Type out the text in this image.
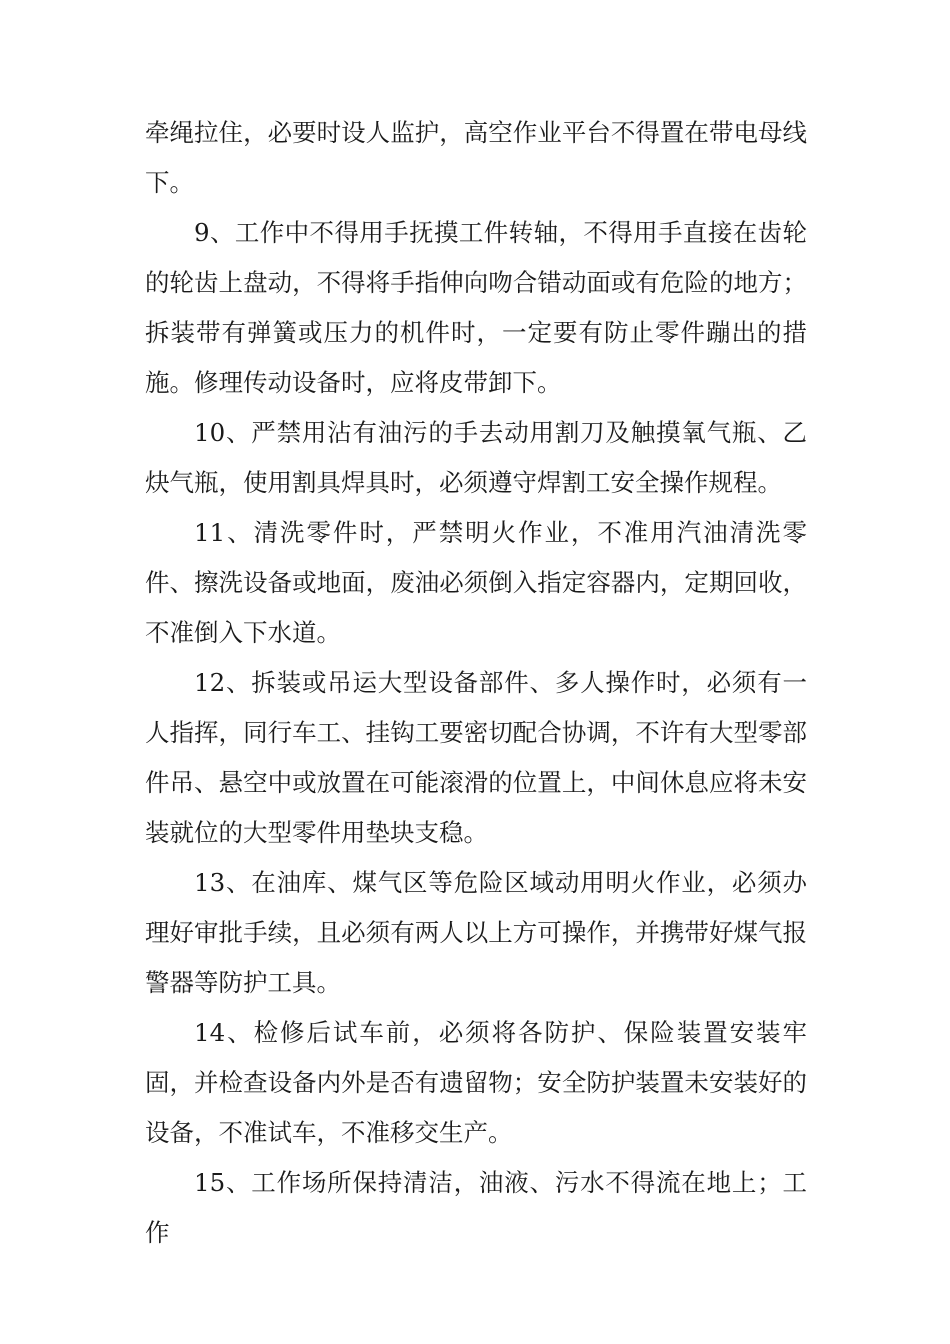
牵绳拉住，必要时设人监护，高空作业平台不得置在带电母线下。

9、工作中不得用手抚摸工件转轴，不得用手直接在齿轮的轮齿上盘动，不得将手指伸向吻合错动面或有危险的地方；拆装带有弹簧或压力的机件时，一定要有防止零件蹦出的措施。修理传动设备时，应将皮带卸下。

10、严禁用沾有油污的手去动用割刀及触摸氧气瓶、乙炔气瓶，使用割具焊具时，必须遵守焊割工安全操作规程。

11、清洗零件时，严禁明火作业，不准用汽油清洗零件、擦洗设备或地面，废油必须倒入指定容器内，定期回收，不准倒入下水道。

12、拆装或吊运大型设备部件、多人操作时，必须有一人指挥，同行车工、挂钩工要密切配合协调，不许有大型零部件吊、悬空中或放置在可能滚滑的位置上，中间休息应将未安装就位的大型零件用垫块支稳。

13、在油库、煤气区等危险区域动用明火作业，必须办理好审批手续，且必须有两人以上方可操作，并携带好煤气报警器等防护工具。

14、检修后试车前，必须将各防护、保险装置安装牢固，并检查设备内外是否有遗留物；安全防护装置未安装好的设备，不准试车，不准移交生产。

15、工作场所保持清洁，油液、污水不得流在地上；工作
